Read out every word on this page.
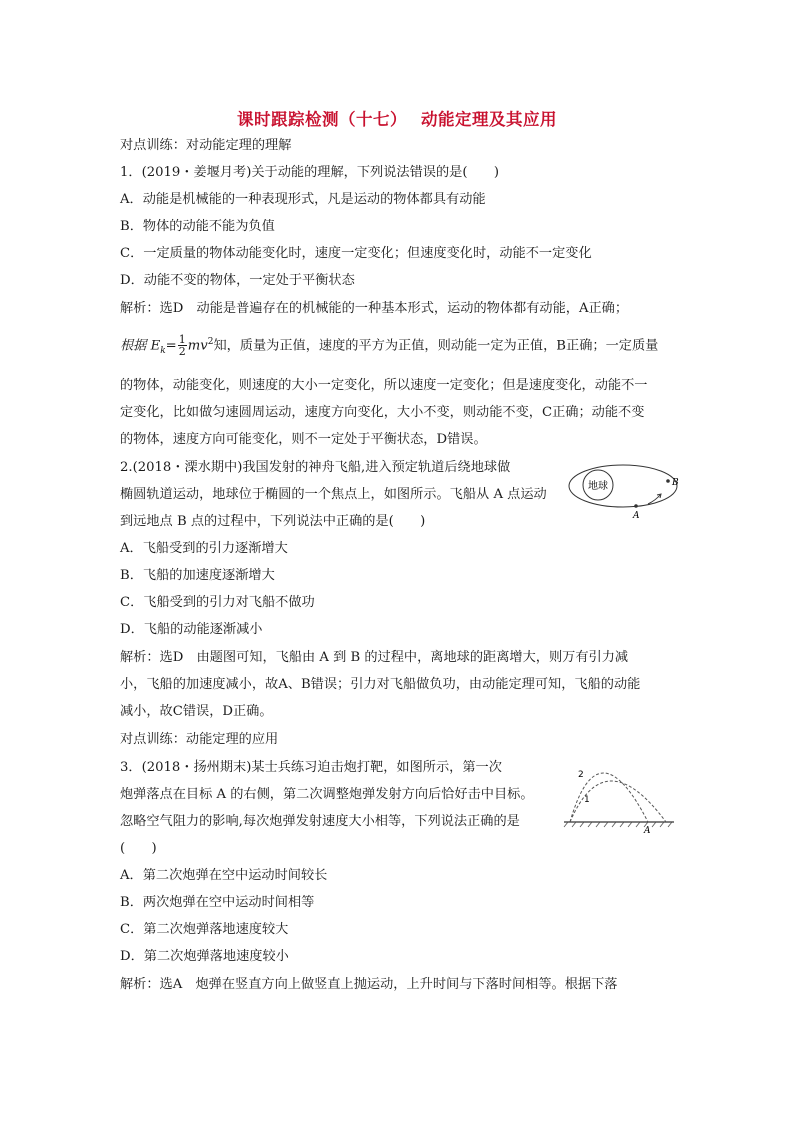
课时跟踪检测（十七） 动能定理及其应用
对点训练：对动能定理的理解
1．(2019・姜堰月考)关于动能的理解，下列说法错误的是(　　)
A．动能是机械能的一种表现形式，凡是运动的物体都具有动能
B．物体的动能不能为负值
C．一定质量的物体动能变化时，速度一定变化；但速度变化时，动能不一定变化
D．动能不变的物体，一定处于平衡状态
解析：选D　动能是普遍存在的机械能的一种基本形式，运动的物体都有动能，A正确；
根据 $E_k= \frac{1}{2} mv^2$知，质量为正值，速度的平方为正值，则动能一定为正值，B正确；一定质量
的物体，动能变化，则速度的大小一定变化，所以速度一定变化；但是速度变化，动能不一
定变化，比如做匀速圆周运动，速度方向变化，大小不变，则动能不变，C正确；动能不变
的物体，速度方向可能变化，则不一定处于平衡状态，D错误。
2.(2018・溧水期中)我国发射的神舟飞船,进入预定轨道后绕地球做
椭圆轨道运动，地球位于椭圆的一个焦点上，如图所示。飞船从 A 点运动
到远地点 B 点的过程中，下列说法中正确的是(　　)
地球
A
B
A．飞船受到的引力逐渐增大
B．飞船的加速度逐渐增大
C．飞船受到的引力对飞船不做功
D．飞船的动能逐渐减小
解析：选D　由题图可知，飞船由 A 到 B 的过程中，离地球的距离增大，则万有引力减
小，飞船的加速度减小，故A、B错误；引力对飞船做负功，由动能定理可知，飞船的动能
减小，故C错误，D正确。
对点训练：动能定理的应用
3．(2018・扬州期末)某士兵练习迫击炮打靶，如图所示，第一次
炮弹落点在目标 A 的右侧，第二次调整炮弹发射方向后恰好击中目标。
忽略空气阻力的影响,每次炮弹发射速度大小相等，下列说法正确的是
(　　)
1
2
A
A．第二次炮弹在空中运动时间较长
B．两次炮弹在空中运动时间相等
C．第二次炮弹落地速度较大
D．第二次炮弹落地速度较小
解析：选A　炮弹在竖直方向上做竖直上抛运动，上升时间与下落时间相等。根据下落
